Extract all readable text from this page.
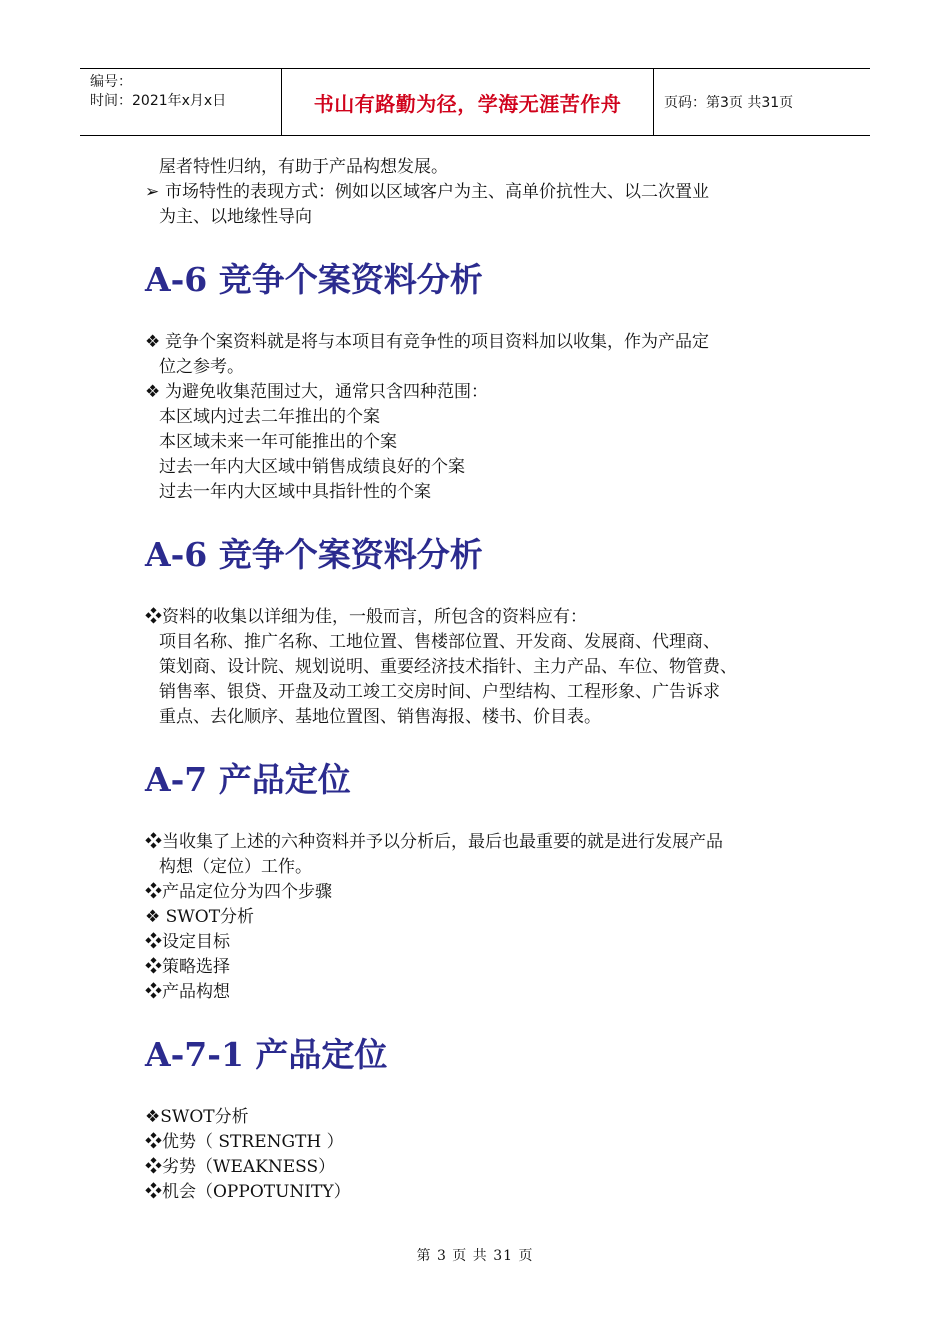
编号：
时间：2021年x月x日	书山有路勤为径，学海无涯苦作舟	页码：第3页 共31页
屋者特性归纳，有助于产品构想发展。
➢ 市场特性的表现方式：例如以区域客户为主、高单价抗性大、以二次置业
为主、以地缘性导向
A-6 竞争个案资料分析
❖ 竞争个案资料就是将与本项目有竞争性的项目资料加以收集，作为产品定
位之参考。
❖ 为避免收集范围过大，通常只含四种范围：
本区域内过去二年推出的个案
本区域未来一年可能推出的个案
过去一年内大区域中销售成绩良好的个案
过去一年内大区域中具指针性的个案
A-6 竞争个案资料分析
❖资料的收集以详细为佳，一般而言，所包含的资料应有：
项目名称、推广名称、工地位置、售楼部位置、开发商、发展商、代理商、
策划商、设计院、规划说明、重要经济技术指针、主力产品、车位、物管费、
销售率、银贷、开盘及动工竣工交房时间、户型结构、工程形象、广告诉求
重点、去化顺序、基地位置图、销售海报、楼书、价目表。
A-7 产品定位
❖当收集了上述的六种资料并予以分析后，最后也最重要的就是进行发展产品
构想（定位）工作。
❖产品定位分为四个步骤
❖ SWOT分析
❖设定目标
❖策略选择
❖产品构想
A-7-1 产品定位
❖SWOT分析
❖优势（ STRENGTH ）
❖劣势（WEAKNESS）
❖机会（OPPOTUNITY）
第 3 页 共 31 页
